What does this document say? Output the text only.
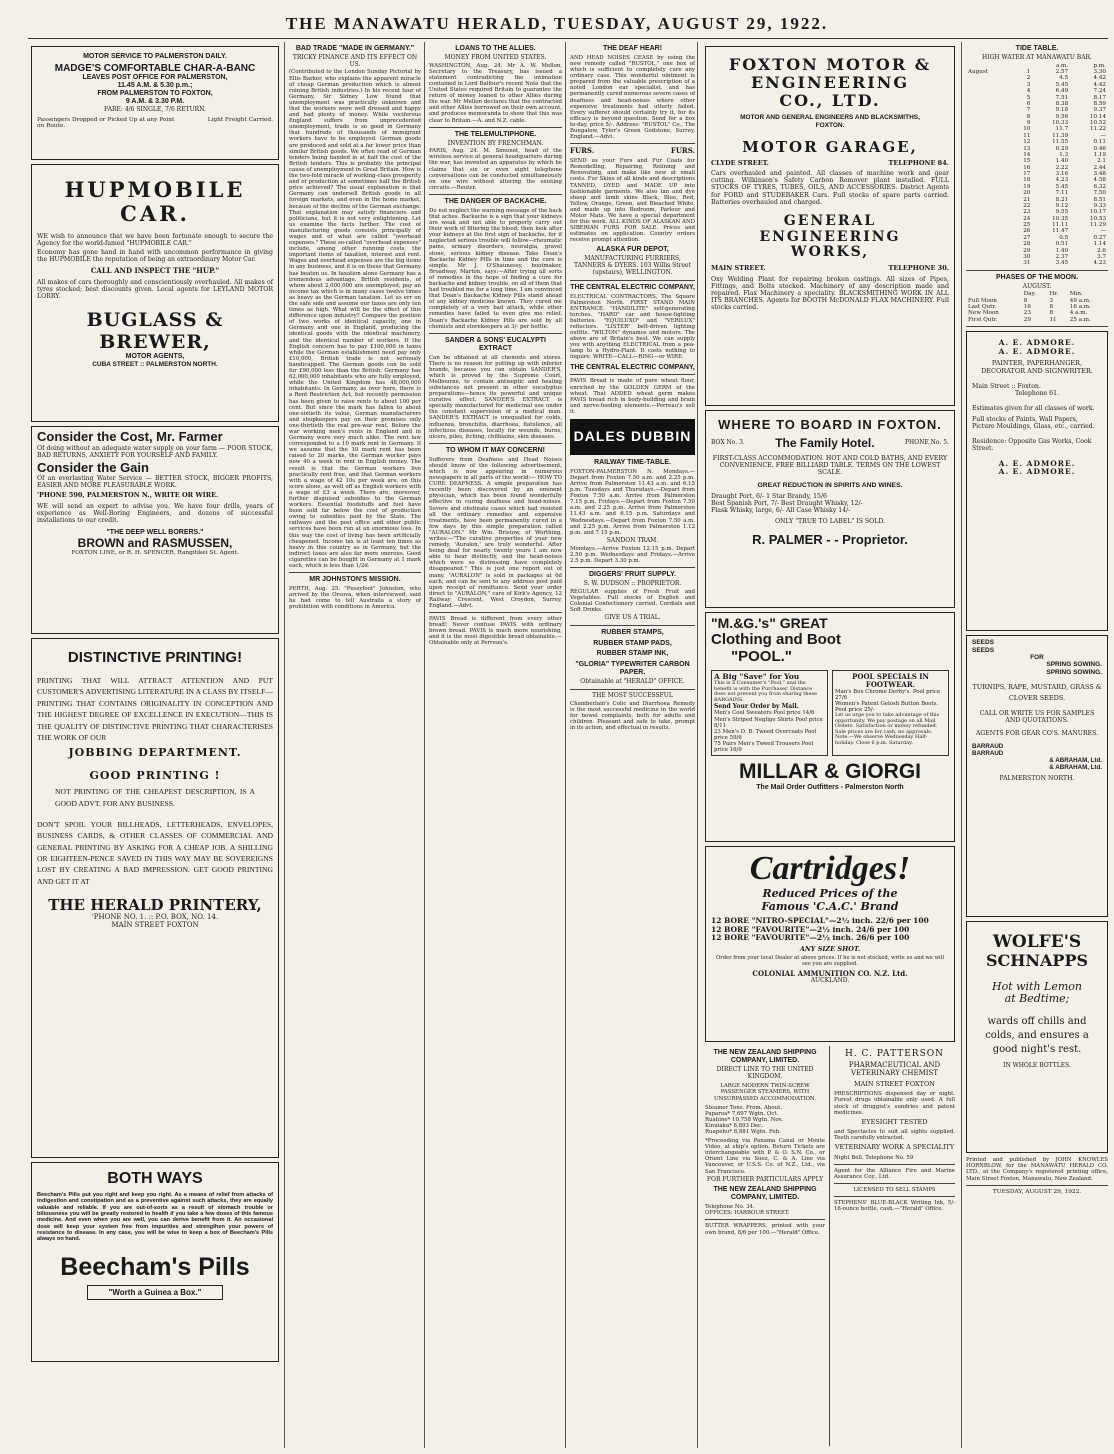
THE MANAWATU HERALD, TUESDAY, AUGUST 29, 1922.
MOTOR SERVICE TO PALMERSTON DAILY.
MADGE'S COMFORTABLE CHAR-A-BANC
LEAVES POST OFFICE FOR PALMERSTON,
11.45 A.M. & 5.30 p.m.;
FROM PALMERSTON TO FOXTON,
9 A.M. & 3.30 P.M.
FARE: 4/6 SINGLE, 7/6 RETURN.
Passengers Dropped or Picked Up at any Point on Route.
Light Freight Carried.
HUPMOBILE CAR.
WE wish to announce that we have been fortunate enough to secure the Agency for the world-famed "HUPMOBILE CAR."
Economy has gone hand in hand with uncommon performance in giving the HUPMOBILE the reputation of being an extraordinary Motor Car.
CALL AND INSPECT THE "HUP."
All makes of cars thoroughly and conscientiously overhauled. All makes of tyres stocked; best discounts given. Local agents for LEYLAND MOTOR LORRY.
BUGLASS & BREWER,
MOTOR AGENTS,
CUBA STREET :: PALMERSTON NORTH.
Consider the Cost, Mr. Farmer
Of doing without an adequate water supply on your farm — POOR STOCK, BAD RETURNS, ANXIETY FOR YOURSELF AND FAMILY.
Consider the Gain
Of an everlasting Water Service — BETTER STOCK, BIGGER PROFITS, EASIER AND MORE PLEASURABLE WORK.
'PHONE 590, PALMERSTON N., WRITE OR WIRE.
WE will send an expert to advise you. We have four drills, years of experience as Well-Boring Engineers, and dozens of successful installations to our credit.
"THE DEEP WELL BORERS."
BROWN and RASMUSSEN,
FOXTON LINE, or R. H. SPENCER, Rangitikei St. Agent.
DISTINCTIVE PRINTING!
PRINTING THAT WILL ATTRACT ATTENTION AND PUT CUSTOMER'S ADVERTISING LITERATURE IN A CLASS BY ITSELF—PRINTING THAT CONTAINS ORIGINALITY IN CONCEPTION AND THE HIGHEST DEGREE OF EXCELLENCE IN EXECUTION—THIS IS THE QUALITY OF DISTINCTIVE PRINTING THAT CHARACTERISES THE WORK OF OUR
JOBBING DEPARTMENT.
GOOD PRINTING !
NOT PRINTING OF THE CHEAPEST DESCRIPTION, IS A GOOD ADVT. FOR ANY BUSINESS.
DON'T SPOIL YOUR BILLHEADS, LETTERHEADS, ENVELOPES, BUSINESS CARDS, & OTHER CLASSES OF COMMERCIAL AND GENERAL PRINTING BY ASKING FOR A CHEAP JOB. A SHILLING OR EIGHTEEN-PENCE SAVED IN THIS WAY MAY BE SOVEREIGNS LOST BY CREATING A BAD IMPRESSION. GET GOOD PRINTING AND GET IT AT
THE HERALD PRINTERY,
'PHONE NO. 1. :: P.O. BOX, NO. 14.
MAIN STREET FOXTON
BOTH WAYS
Beecham's Pills put you right and keep you right. As a means of relief from attacks of indigestion and constipation and as a preventive against such attacks, they are equally valuable and reliable. If you are out-of-sorts as a result of stomach trouble or biliousness you will be greatly restored to health if you take a few doses of this famous medicine. And even when you are well, you can derive benefit from it. An occasional dose will keep your system free from impurities and strengthen your powers of resistance to disease. In any case, you will be wise to keep a box of Beecham's Pills always on hand.
Beecham's Pills
"Worth a Guinea a Box."
BAD TRADE "MADE IN GERMANY."
TRICKY FINANCE AND ITS EFFECT ON US.
(Contributed to the London Sunday Pictorial by Ellis Barker, who explains the apparent miracle of cheap German production which is almost ruining British industries.) In his recent tour of Germany, Sir Sidney Low found that unemployment was practically unknown and that the workers were well dressed and happy and had plenty of money. While vociferous England suffers from unprecedented unemployment, trade is so good in Germany that hundreds of thousands of immigrant workers have to be employed. German goods are produced and sold at a far lower price than similar British goods. We often read of German tenders being handed in at half the cost of the British tenders. This is probably the principal cause of unemployment in Great Britain. How is the two-fold miracle of working-class prosperity and of production at sometimes half the British price achieved? The usual explanation is that Germany can undersell British goods in all foreign markets, and even in the home market, because of the decline of the German exchange. That explanation may satisfy financiers and politicians, but it is not very enlightening. Let us examine the facts further. The cost of manufacturing goods consists principally of wages and of what are called "overhead expenses." These so-called "overhead expenses" include, among other running costs, the important items of taxation, interest and rent. Wages and overhead expenses are the big items in any business, and it is on these that Germany has beaten us. In taxation alone Germany has a tremendous advantage. British residents, of whom about 2,000,000 are unemployed, pay an income tax which is in many cases twelve times as heavy as the German taxation. Let us err on the safe side and assume our taxes are only ten times as high. What will be the effect of this difference upon industry? Compare the position of two works of identical capacity, one in Germany and one in England, producing the identical goods with the identical machinery, and the identical number of workers. If the English concern has to pay £100,000 in taxes while the German establishment need pay only £10,000, British trade is not seriously handicapped. The German goods can be sold for £90,000 less than the British. Germany has 62,000,000 inhabitants who are fully employed, while the United Kingdom has 48,000,000 inhabitants. In Germany, as over here, there is a Rent Restriction Act, but recently permission has been given to raise rents to about 100 per cent. But since the mark has fallen to about one-sixtieth its value, German manufacturers and shopkeepers pay on their premises only one-thirtieth the real pre-war rent. Before the war working men's rents in England and in Germany were very much alike. The rent law corresponded to a 10 mark rent in Germany. If we assume that the 10 mark rent has been raised to 20 marks, the German worker pays now 40 a week in rent in English money. The result is that the German workers live practically rent free, and that German workers with a wage of 42 10s per week are, on this score alone, as well off as English workers with a wage of £3 a week. There are, moreover, further disguised subsidies to the German workers. Essential foodstuffs and fuel have been sold far below the cost of production owing to subsidies paid by the State. The railways and the post office and other public services have been run at an enormous loss. In this way the cost of living has been artificially cheapened. Income tax is at least ten times as heavy in this country as in Germany, but the indirect taxes are also far more onerous. Good cigarettes can be bought in Germany at 1 mark each, which is less than 1/2d.
MR JOHNSTON'S MISSION.
PERTH, Aug. 25. "Pussyfoot" Johnston, who arrived by the Orsova, when interviewed, said he had come to tell Australia a story of prohibition with conditions in America.
LOANS TO THE ALLIES.
MONEY FROM UNITED STATES.
WASHINGTON, Aug. 24. Mr A. W. Mellon, Secretary to the Treasury, has issued a statement contradicting the intimation contained in Lord Balfour's recent Note that the United States required Britain to guarantee the return of money loaned to other Allies during the war. Mr Mellon declares that the contracted and other Allies borrowed on their own account, and produces memoranda to show that this was clear to Britain.—A. and N.Z. cable.
THE TELEMULTIPHONE.
INVENTION BY FRENCHMAN.
PARIS, Aug. 24. M. Simonet, head of the wireless service at general headquarters during the war, has invented an apparatus by which he claims that six or even eight telephone conversations can be conducted simultaneously on one wire without altering the existing circuits.—Reuter.
THE DANGER OF BACKACHE.
Do not neglect the warning message of the back that aches. Backache is a sign that your kidneys are weak and not able to properly carry out their work of filtering the blood; then look after your kidneys at the first sign of backache, for if neglected serious trouble will follow—rheumatic pains, urinary disorders, neuralgia, gravel stone, serious kidney disease. Take Doan's Backache Kidney Pills in time and the cure is simple. Mr J. O'Shaunessy, bootmaker, Broadway, Marton, says:—After trying all sorts of remedies in the hope of finding a cure for backache and kidney trouble, on all of them that had troubled me for a long time, I am convinced that Doan's Backache Kidney Pills stand ahead of any kidney medicine known. They cured me completely of a very bad attack, while other remedies have failed to even give me relief. Doan's Backache Kidney Pills are sold by all chemists and storekeepers at 3/- per bottle.
SANDER & SONS' EUCALYPTI EXTRACT
Can be obtained at all chemists and stores. There is no reason for putting up with inferior brands, because you can obtain SANDER'S, which is proved by the Supreme Court, Melbourne, to contain antiseptic and healing substances not present in other eucalyptus preparations—hence its powerful and unique curative effect. SANDER'S EXTRACT is specially manufactured for medicinal use under the constant supervision of a medical man. SANDER'S EXTRACT is unequalled for colds, influenza, bronchitis, diarrhoea, flatulence, all infectious diseases, locally for wounds, burns, ulcers, piles, itching, chilblains, skin diseases.
TO WHOM IT MAY CONCERN!
Sufferers from Deafness and Head Noises should know of the following advertisement, which is now appearing in numerous newspapers in all parts of the world:— HOW TO CURE DEAFNESS. A simple preparation has recently been discovered by an eminent physician, which has been found wonderfully effective in curing deafness and head-noises. Severe and obstinate cases which had resisted all the ordinary remedies and expensive treatments, have been permanently cured in a few days by this simple preparation called "AURALON." Mr Wm. Bristow, of Worthing, writes:—"The curative properties of your new remedy, 'Auralon,' are truly wonderful. After being deaf for nearly twenty years I am now able to hear distinctly, and the head-noises which were so distressing have completely disappeared." This is just one report out of many. "AURALON" is sold in packages at 6d each, and can be sent to any address post paid upon receipt of remittance. Send your order direct to "AURALON," care of Kirk's Agency, 12 Railway Crescent, West Croydon, Surrey, England.—Advt.
PAVIS Bread is different from every other bread! Never confuse PAVIS with ordinary brown bread. PAVIS is much more nourishing, and it is the most digestible bread obtainable.—Obtainable only at Perreau's.
THE DEAF HEAR!
AND HEAD NOISES CEASE by using the new remedy called "RUSTOL," one box of which is sufficient to completely cure any ordinary case. This wonderful ointment is prepared from the valuable prescription of a noted London ear specialist, and has permanently cured numerous severe cases of deafness and head-noises where other expensive treatments had utterly failed. Every sufferer should certainly try it, for its efficacy is beyond question. Send for a box to-day, price 5/-. Address: "RUSTOL" Co., The Bungalow, Tyler's Green Godstone, Surrey, England.—Advt.
FURS.	FURS.
SEND us your Furs and Fur Coats for Remodelling, Repairing, Relining and Renovating, and make like new at small costs. Fur Skins of all kinds and descriptions TANNED, DYED and MADE UP into fashionable garments. We also tan and dye sheep and lamb skins Black, Blue, Red, Yellow, Orange, Green, and Bleached White, and made up into Bedroom, Parlour and Motor Mats. We have a special department for this work. ALL KINDS OF ALASKAN AND SIBERIAN FURS FOR SALE. Prices and estimates on application. Country orders receive prompt attention.
ALASKA FUR DEPOT,
MANUFACTURING FURRIERS, TANNERS & DYERS. 103 Willis Street (upstairs), WELLINGTON.
THE CENTRAL ELECTRIC COMPANY,
ELECTRICAL CONTRACTORS, The Square Palmerston North. FIRST STAND MAIN ENTRANCE. "HANDILITE" self-generating torches. "HARD" car and house-lighting batteries. "EQUILUXO" and "VERILUX" reflectors. "LISTER" belt-driven lighting outfits. "WILTON" dynamos and motors. The above are of Britain's best. We can supply you with anything ELECTRICAL from a pea-lamp to a Hydro-Plant. It costs nothing to inquire. WRITE—CALL—RING—or WIRE.
THE CENTRAL ELECTRIC COMPANY,
PAVIS Bread is made of pure wheat flour, enriched by the GOLDEN GERM of the wheat. That ADDED wheat germ makes PAVIS bread rich in body-building and brain and nerve-feeding elements.—Perreau's sell it.
DALES DUBBIN
RAILWAY TIME-TABLE.
FOXTON-PALMERSTON N. Mondays.—Depart from Foxton 7.50 a.m. and 2.25 p.m. Arrive from Palmerston 11.43 a.m. and 6.15 p.m. Tuesdays and Thursdays.—Depart from Foxton 7.50 a.m. Arrive from Palmerston 7.15 p.m. Fridays.—Depart from Foxton 7.50 a.m. and 2.25 p.m. Arrive from Palmerston 11.43 a.m. and 6.15 p.m. Saturdays and Wednesdays.—Depart from Foxton 7.50 a.m. and 2.25 p.m. Arrive from Palmerston 1.12 p.m. and 7.15 p.m.
SANDON TRAM.
Mondays.—Arrive Foxton 12.15 p.m. Depart 2.50 p.m. Wednesdays and Fridays.—Arrive 2.5 p.m. Depart 3.30 p.m.
DIGGERS' FRUIT SUPPLY.
S. W. DUDSON :: PROPRIETOR.
REGULAR supplies of Fresh Fruit and Vegetables. Full stocks of English and Colonial Confectionery carried. Cordials and Soft Drinks.
GIVE US A TRIAL.
RUBBER STAMPS,
RUBBER STAMP PADS,
RUBBER STAMP INK,
"GLORIA" TYPEWRITER CARBON PAPER.
Obtainable at "HERALD" OFFICE.
THE MOST SUCCESSFUL
Chamberlain's Colic and Diarrhoea Remedy is the most successful medicine in the world for bowel complaints, both for adults and children. Pleasant and safe to take, prompt in its action, and effectual in results.
FOXTON MOTOR &
ENGINEERING
CO., LTD.
MOTOR AND GENERAL ENGINEERS AND BLACKSMITHS,
FOXTON.
MOTOR GARAGE,
CLYDE STREET.	TELEPHONE 84.
Cars overhauled and painted. All classes of machine work and gear cutting. Wilkinson's Safety Carbon Remover plant installed. FULL STOCKS OF TYRES, TUBES, OILS, AND ACCESSORIES. District Agents for FORD and STUDEBAKER Cars. Full stocks of spare parts carried. Batteries overhauled and charged.
GENERAL ENGINEERING
WORKS,
MAIN STREET.	TELEPHONE 30.
Oxy Welding Plant for repairing broken castings. All sizes of Pipes, Fittings, and Bolts stocked. Machinery of any description made and repaired. Flax Machinery a speciality. BLACKSMITHING WORK IN ALL ITS BRANCHES. Agents for BOOTH McDONALD FLAX MACHINERY. Full stocks carried.
WHERE TO BOARD IN FOXTON.
BOX No. 3.	The Family Hotel.	PHONE No. 5.
FIRST-CLASS ACCOMMODATION. HOT AND COLD BATHS, AND EVERY CONVENIENCE. FREE BILLIARD TABLE. TERMS ON THE LOWEST SCALE.
GREAT REDUCTION IN SPIRITS AND WINES.
Draught Port, 6/- 1 Star Brandy, 15/6
Best Spanish Port, 7/- Best Draught Whisky, 12/-
Flask Whisky, large, 6/- All Case Whisky 14/-
ONLY "TRUE TO LABEL" IS SOLD.
R. PALMER - - Proprietor.
"M.&G.'s" GREAT
Clothing and Boot
"POOL."
A Big "Save" for You
This is a Consumer's "Pool," and the benefit is with the Purchaser. Distance does not prevent you from sharing these BARGAINS.
Send Your Order by Mail.
Men's Cool Sweaters Pool price 14/6
Men's Striped Neglige Shirts Pool price 8/11
23 Men's D. B. Tweed Overcoats Pool price 59/6
75 Pairs Men's Tweed Trousers Pool price 16/9
POOL SPECIALS IN FOOTWEAR.
Man's Box Chrome Derby's. Pool price 27/6
Women's Patent Gelosh Button Boots. Pool price 25/-
Let us urge you to take advantage of this opportunity. We pay postage on all Mail Orders. Satisfaction or money refunded. Sale prices are for cash, no approvals.
Note.—We observe Wednesday Half-holiday. Close 6 p.m. Saturday.
MILLAR & GIORGI
The Mail Order Outfitters - Palmerston North
Cartridges!
Reduced Prices of the
Famous 'C.A.C.' Brand
12 BORE "NITRO-SPECIAL"—2½ inch. 22/6 per 100
12 BORE "FAVOURITE"—2½ inch. 24/6 per 100
12 BORE "FAVOURITE"—2½ inch. 26/6 per 100
ANY SIZE SHOT.
Order from your local Dealer at above prices. If he is not stocked, write us and we will see you are supplied.
COLONIAL AMMUNITION CO. N.Z. Ltd.
AUCKLAND.
THE NEW ZEALAND SHIPPING COMPANY, LIMITED.
DIRECT LINE TO THE UNITED KINGDOM.
LARGE MODERN TWIN-SCREW PASSENGER STEAMERS, WITH UNSURPASSED ACCOMMODATION.
Steamer Tons. From. About.
Paparoa* 7,697 Wgtn. Oct.
Ruahine* 10,758 Wgtn. Nov.
Kinuiaka* 8,893 Dec.
Ruapehu* 8,881 Wgtn. Feb.
*Proceeding via Panama Canal or Monte Video, at ship's option. Return Tickets are interchangeable with P. & O. S.N. Co., or Orient Line via Suez, C. & A. Line via Vancouver, or U.S.S. Co. of N.Z., Ltd., via San Francisco.
FOR FURTHER PARTICULARS APPLY
THE NEW ZEALAND SHIPPING COMPANY, LIMITED.
Telephone No. 34.
OFFICES: HARBOUR STREET.
BUTTER WRAPPERS, printed with your own brand, 8/6 per 100.—"Herald" Office.
H. C. PATTERSON
PHARMACEUTICAL AND
VETERINARY CHEMIST
MAIN STREET FOXTON
PRESCRIPTIONS dispensed day or night. Purest drugs obtainable only used. A full stock of druggist's sundries and patent medicines.
EYESIGHT TESTED
and Spectacles to suit all sights supplied. Teeth carefully extracted.
VETERINARY WORK A SPECIALITY
Night Bell. Telephone No. 59
Agent for the Alliance Fire and Marine Assurance Coy., Ltd.
LICENSED TO SELL STAMPS
STEPHENS' BLUE-BLACK Writing Ink, 5/- 16-ounce bottle, cash.—"Herald" Office.
TIDE TABLE.
HIGH WATER AT MANAWATU BAR.
		a.m.	p.m.
August	1	2.57	3.30
	2	4.5	4.42
	3	5.45	4.42
	4	6.49	7.24
	5	7.51	8.17
	6	8.38	8.59
	7	9.18	9.37
	8	9.56	10.14
	9	10.33	10.52
	10	11.7	11.22
	11	11.39	—
	12	11.55	0.11
	13	0.29	0.46
	14	1.3	1.19
	15	1.40	2.1
	16	2.22	2.44
	17	3.16	3.48
	18	4.23	4.58
	19	5.45	6.32
	20	7.11	7.50
	21	8.21	8.51
	22	9.12	9.33
	23	9.55	10.17
	24	10.35	10.53
	25	11.11	11.29
	26	11.47	—
	27	0.5	0.27
	28	0.51	1.14
	29	1.40	2.6
	30	2.37	3.7
	31	3.45	4.23
PHASES OF THE MOON.
AUGUST.
	Day.	Hr.	Min.
Full Moon	8	3	49 a.m.
Last Qutr.	16	8	16 a.m.
New Moon	23	8	4 a.m.
First Qutr.	29	11	25 a.m.
A. E. ADMORE.
A. E. ADMORE.
PAINTER, PAPERHANGER, DECORATOR AND SIGNWRITER.
Main Street :: Foxton.
Telephone 61.
Estimates given for all classes of work.
Full stocks of Paints, Wall Papers, Picture Mouldings, Glass, etc., carried.
Residence: Opposite Gas Works, Cook Street.
A. E. ADMORE.
A. E. ADMORE.
SEEDS
SEEDS
FOR
SPRING SOWING.
SPRING SOWING.
TURNIPS, RAPE, MUSTARD, GRASS & CLOVER SEEDS.
CALL OR WRITE US FOR SAMPLES AND QUOTATIONS.
AGENTS FOR GEAR CO'S. MANURES.
BARRAUD
BARRAUD
& ABRAHAM, Ltd.
& ABRAHAM, Ltd.
PALMERSTON NORTH.
WOLFE'S
SCHNAPPS
Hot with Lemon
at Bedtime;
wards off chills and colds, and ensures a good night's rest.
IN WHOLE BOTTLES.
Printed and published by JOHN KNOWLES HORNBLOW, for the MANAWATU HERALD CO. LTD., at the Company's registered printing office, Main Street Foxton, Manawatu, New Zealand.
TUESDAY, AUGUST 29, 1922.
